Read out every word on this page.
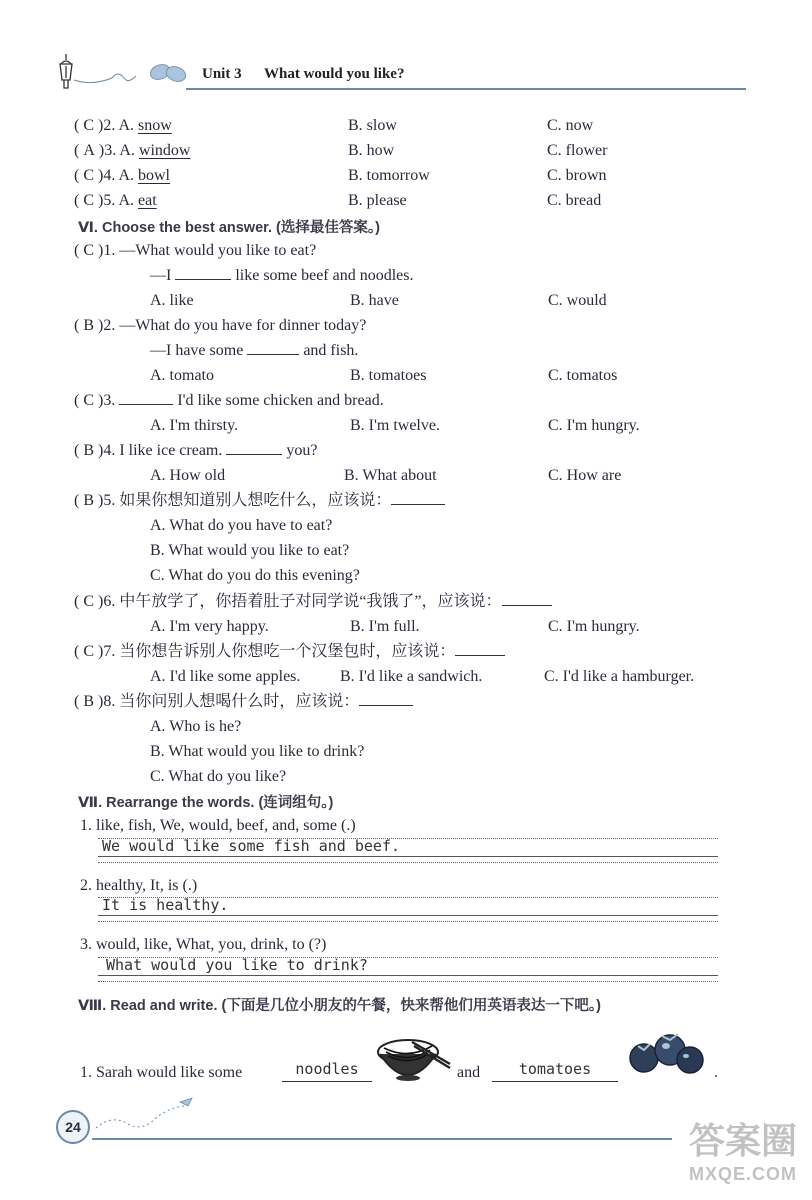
Unit 3 What would you like?
( C )2. A. snow	B. slow	C. now
( A )3. A. window	B. how	C. flower
( C )4. A. bowl	B. tomorrow	C. brown
( C )5. A. eat	B. please	C. bread
Ⅵ. Choose the best answer. (选择最佳答案。)
( C )1. —What would you like to eat?
—I	like some beef and noodles.
A. like	B. have	C. would
( B )2. —What do you have for dinner today?
—I have some	and fish.
A. tomato	B. tomatoes	C. tomatos
( C )3.	I'd like some chicken and bread.
A. I'm thirsty.	B. I'm twelve.	C. I'm hungry.
( B )4. I like ice cream.	you?
A. How old	B. What about	C. How are
( B )5. 如果你想知道别人想吃什么，应该说：
A. What do you have to eat?
B. What would you like to eat?
C. What do you do this evening?
( C )6. 中午放学了，你捂着肚子对同学说“我饿了”，应该说：
A. I'm very happy.	B. I'm full.	C. I'm hungry.
( C )7. 当你想告诉别人你想吃一个汉堡包时，应该说：
A. I'd like some apples. B. I'd like a sandwich.	C. I'd like a hamburger.
( B )8. 当你问别人想喝什么时，应该说：
A. Who is he?
B. What would you like to drink?
C. What do you like?
Ⅶ. Rearrange the words. (连词组句。)
1. like, fish, We, would, beef, and, some (.)
We would like some fish and beef.
2. healthy, It, is (.)
It is healthy.
3. would, like, What, you, drink, to (?)
What would you like to drink?
Ⅷ. Read and write. (下面是几位小朋友的午餐，快来帮他们用英语表达一下吧。)
1. Sarah would like some	noodles	and	tomatoes	.
24	答案圈
MXQE.COM
